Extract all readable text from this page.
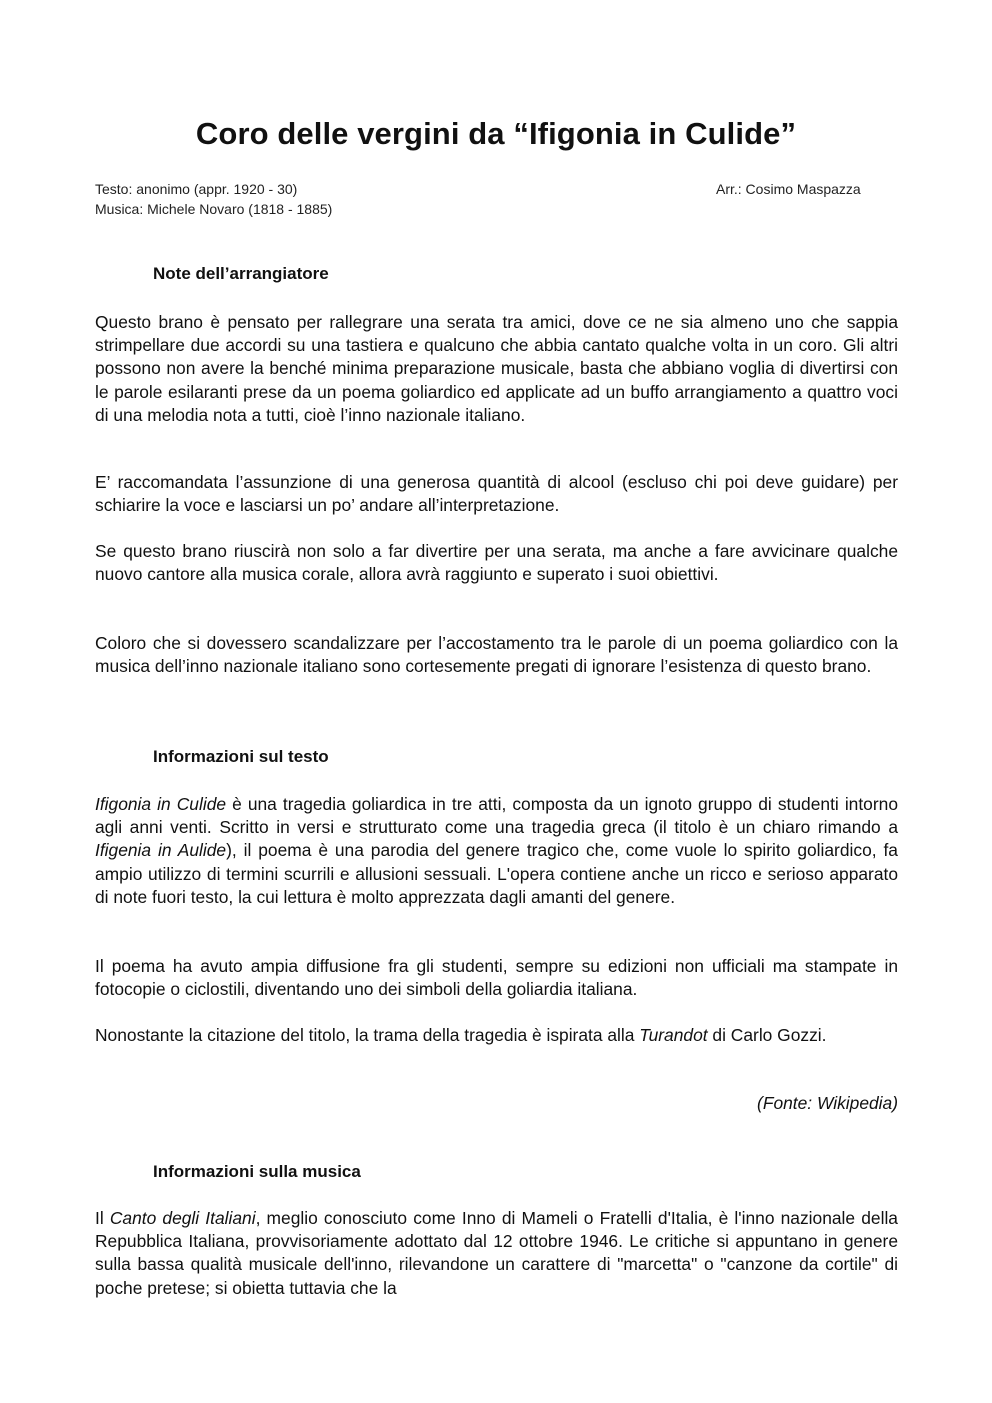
Coro delle vergini da “Ifigonia in Culide”
Testo: anonimo (appr. 1920 - 30)
Musica: Michele Novaro (1818 - 1885)
Arr.: Cosimo Maspazza
Note dell’arrangiatore
Questo brano è pensato per rallegrare una serata tra amici, dove ce ne sia almeno uno che sappia strimpellare due accordi su una tastiera e qualcuno che abbia cantato qualche volta in un coro. Gli altri possono non avere la benché minima preparazione musicale, basta che abbiano voglia di divertirsi con le parole esilaranti prese da un poema goliardico ed applicate ad un buffo arrangiamento a quattro voci di una melodia nota a tutti, cioè l’inno nazionale italiano.
E’ raccomandata l’assunzione di una generosa quantità di alcool (escluso chi poi deve guidare) per schiarire la voce e lasciarsi un po’ andare all’interpretazione.
Se questo brano riuscirà non solo a far divertire per una serata, ma anche a fare avvicinare qualche nuovo cantore alla musica corale, allora avrà raggiunto e superato i suoi obiettivi.
Coloro che si dovessero scandalizzare per l’accostamento tra le parole di un poema goliardico con la musica dell’inno nazionale italiano sono cortesemente pregati di ignorare l’esistenza di questo brano.
Informazioni sul testo
Ifigonia in Culide è una tragedia goliardica in tre atti, composta da un ignoto gruppo di studenti intorno agli anni venti. Scritto in versi e strutturato come una tragedia greca (il titolo è un chiaro rimando a Ifigenia in Aulide), il poema è una parodia del genere tragico che, come vuole lo spirito goliardico, fa ampio utilizzo di termini scurrili e allusioni sessuali. L'opera contiene anche un ricco e serioso apparato di note fuori testo, la cui lettura è molto apprezzata dagli amanti del genere.
Il poema ha avuto ampia diffusione fra gli studenti, sempre su edizioni non ufficiali ma stampate in fotocopie o ciclostili, diventando uno dei simboli della goliardia italiana.
Nonostante la citazione del titolo, la trama della tragedia è ispirata alla Turandot di Carlo Gozzi.
(Fonte: Wikipedia)
Informazioni sulla musica
Il Canto degli Italiani, meglio conosciuto come Inno di Mameli o Fratelli d'Italia, è l'inno nazionale della Repubblica Italiana, provvisoriamente adottato dal 12 ottobre 1946. Le critiche si appuntano in genere sulla bassa qualità musicale dell'inno, rilevandone un carattere di "marcetta" o "canzone da cortile" di poche pretese; si obietta tuttavia che la
